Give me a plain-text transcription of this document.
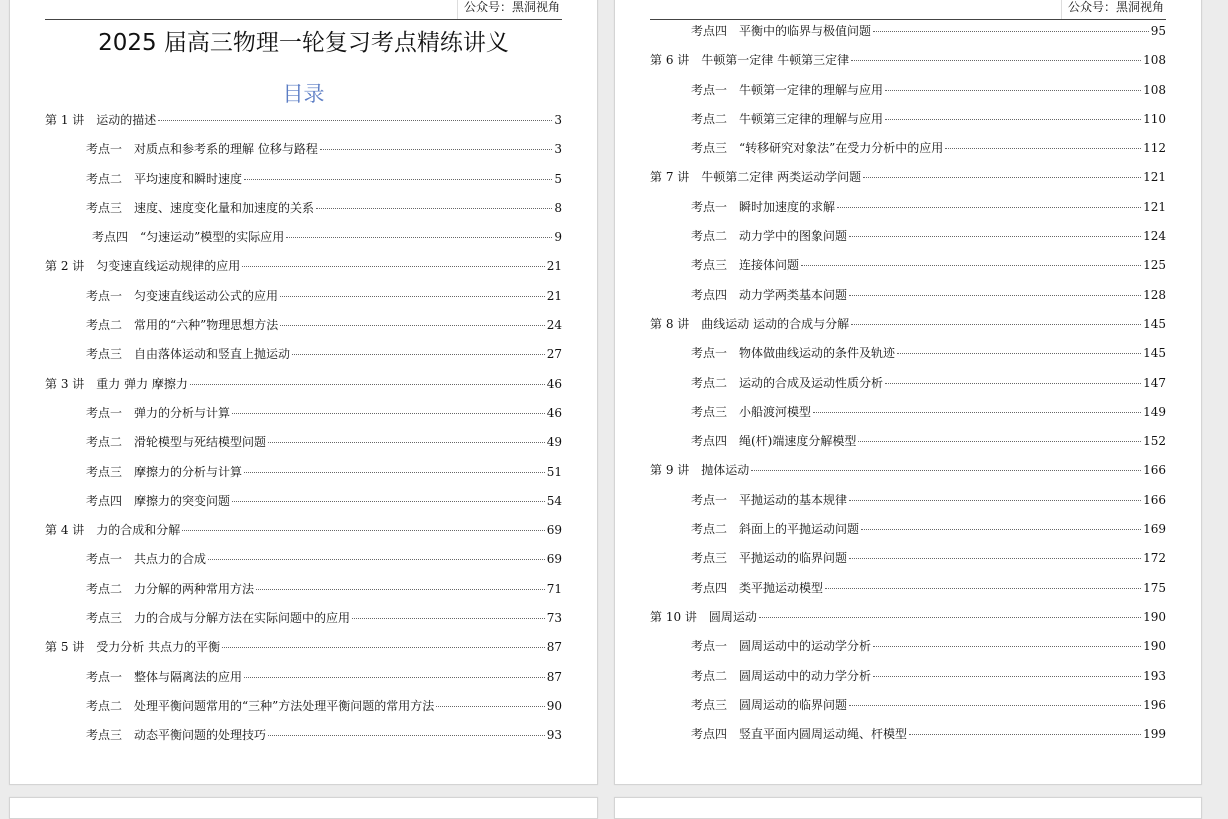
公众号：黑洞视角
2025 届高三物理一轮复习考点精练讲义
目录
第 1 讲　运动的描述	3
考点一　对质点和参考系的理解 位移与路程	3
考点二　平均速度和瞬时速度	5
考点三　速度、速度变化量和加速度的关系	8
考点四　“匀速运动”模型的实际应用	9
第 2 讲　匀变速直线运动规律的应用	21
考点一　匀变速直线运动公式的应用	21
考点二　常用的“六种”物理思想方法	24
考点三　自由落体运动和竖直上抛运动	27
第 3 讲　重力 弹力 摩擦力	46
考点一　弹力的分析与计算	46
考点二　滑轮模型与死结模型问题	49
考点三　摩擦力的分析与计算	51
考点四　摩擦力的突变问题	54
第 4 讲　力的合成和分解	69
考点一　共点力的合成	69
考点二　力分解的两种常用方法	71
考点三　力的合成与分解方法在实际问题中的应用	73
第 5 讲　受力分析 共点力的平衡	87
考点一　整体与隔离法的应用	87
考点二　处理平衡问题常用的“三种”方法处理平衡问题的常用方法	90
考点三　动态平衡问题的处理技巧	93
公众号：黑洞视角
考点四　平衡中的临界与极值问题	95
第 6 讲　牛顿第一定律 牛顿第三定律	108
考点一　牛顿第一定律的理解与应用	108
考点二　牛顿第三定律的理解与应用	110
考点三　“转移研究对象法”在受力分析中的应用	112
第 7 讲　牛顿第二定律 两类运动学问题	121
考点一　瞬时加速度的求解	121
考点二　动力学中的图象问题	124
考点三　连接体问题	125
考点四　动力学两类基本问题	128
第 8 讲　曲线运动 运动的合成与分解	145
考点一　物体做曲线运动的条件及轨迹	145
考点二　运动的合成及运动性质分析	147
考点三　小船渡河模型	149
考点四　绳(杆)端速度分解模型	152
第 9 讲　抛体运动	166
考点一　平抛运动的基本规律	166
考点二　斜面上的平抛运动问题	169
考点三　平抛运动的临界问题	172
考点四　类平抛运动模型	175
第 10 讲　圆周运动	190
考点一　圆周运动中的运动学分析	190
考点二　圆周运动中的动力学分析	193
考点三　圆周运动的临界问题	196
考点四　竖直平面内圆周运动绳、杆模型	199
